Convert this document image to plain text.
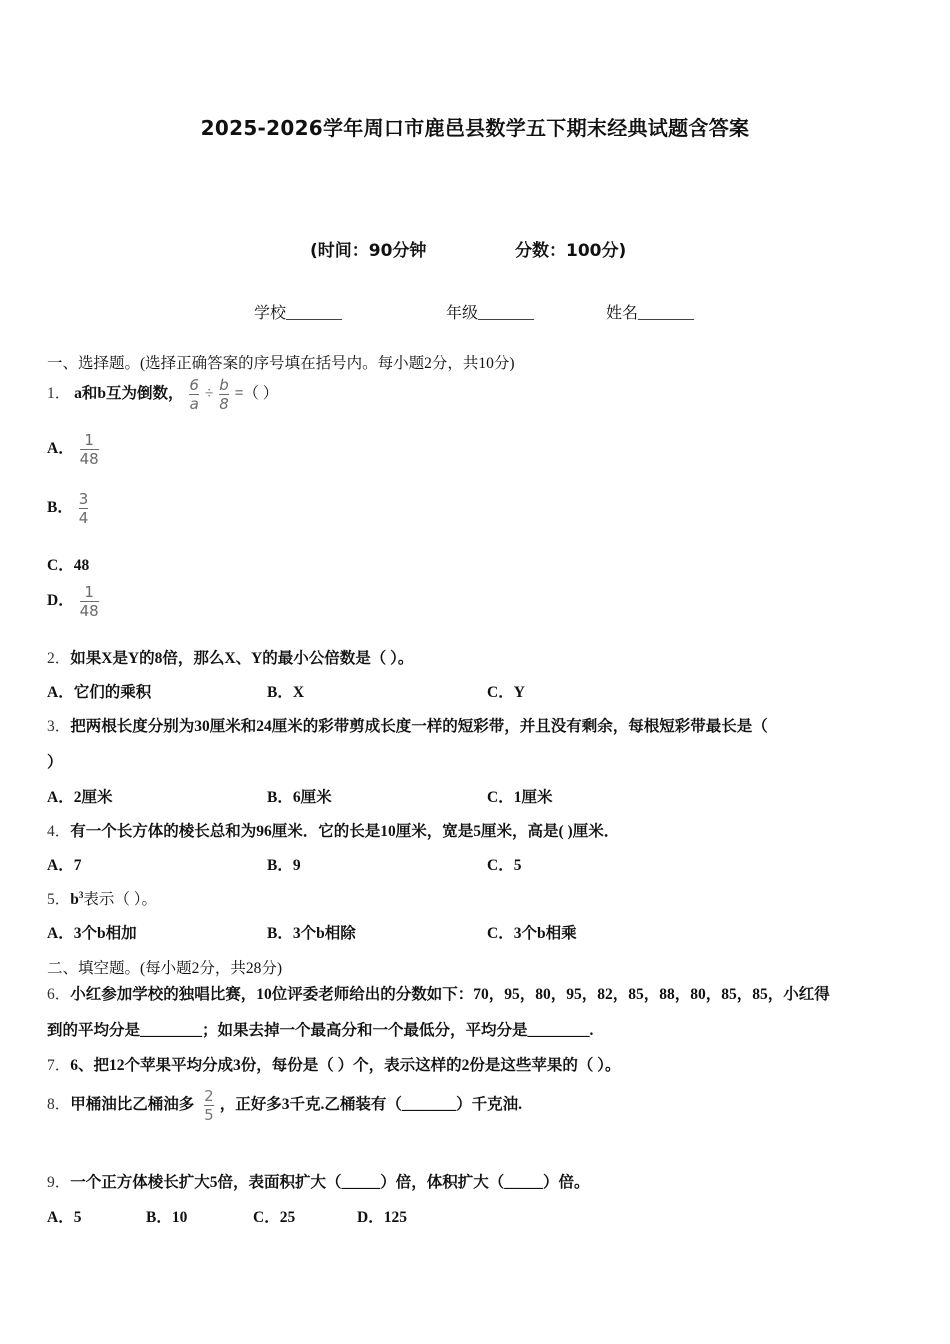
2025-2026学年周口市鹿邑县数学五下期末经典试题含答案
(时间：90分钟	分数：100分)
学校_______	年级_______	姓名_______
一、选择题。(选择正确答案的序号填在括号内。每小题2分，共10分)
1． a和b互为倒数， $\frac{6}{a} \div \frac{b}{8}$ =（ ）
A． $\frac{1}{48}$
B． $\frac{3}{4}$
C．48
D． $\frac{1}{48}$
2．如果X是Y的8倍，那么X、Y的最小公倍数是（ ）。
A．它们的乘积	B．X	C．Y
3．把两根长度分别为30厘米和24厘米的彩带剪成长度一样的短彩带，并且没有剩余，每根短彩带最长是（
）
A．2厘米	B．6厘米	C．1厘米
4．有一个长方体的棱长总和为96厘米．它的长是10厘米，宽是5厘米，高是( )厘米．
A．7	B．9	C．5
5．$b^3$表示（ ）。
A．3个b相加	B．3个b相除	C．3个b相乘
二、填空题。(每小题2分，共28分)
6．小红参加学校的独唱比赛，10位评委老师给出的分数如下：70，95，80，95，82，85，88，80，85，85，小红得
到的平均分是________；如果去掉一个最高分和一个最低分，平均分是________.
7．6、把12个苹果平均分成3份，每份是（ ）个，表示这样的2份是这些苹果的（ ）。
8．甲桶油比乙桶油多 $\frac{2}{5}$ ，正好多3千克.乙桶装有（_______）千克油.
9．一个正方体棱长扩大5倍，表面积扩大（_____）倍，体积扩大（_____）倍。
A．5	B．10	C．25	D．125
